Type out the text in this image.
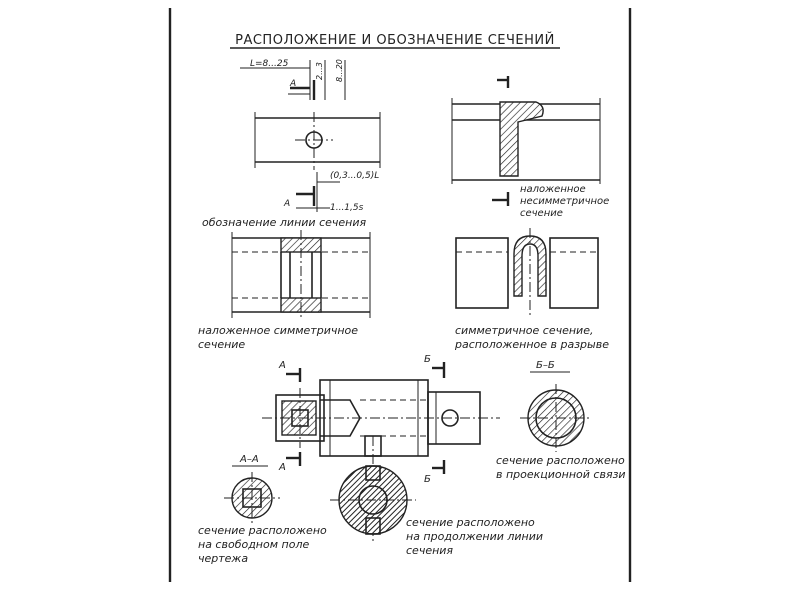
РАСПОЛОЖЕНИЕ И ОБОЗНАЧЕНИЕ СЕЧЕНИЙ
L=8...25	2...3 8...20
А
(0,3...0,5)L
А	1...1,5s
обозначение линии сечения
наложенное
несимметричное
сечение
наложенное симметричное
сечение
симметричное сечение,
расположенное в разрыве
А
А
Б
Б
Б–Б
сечение расположено
в проекционной связи
А–А
сечение расположено
на свободном поле
чертежа
сечение расположено
на продолжении линии
сечения
